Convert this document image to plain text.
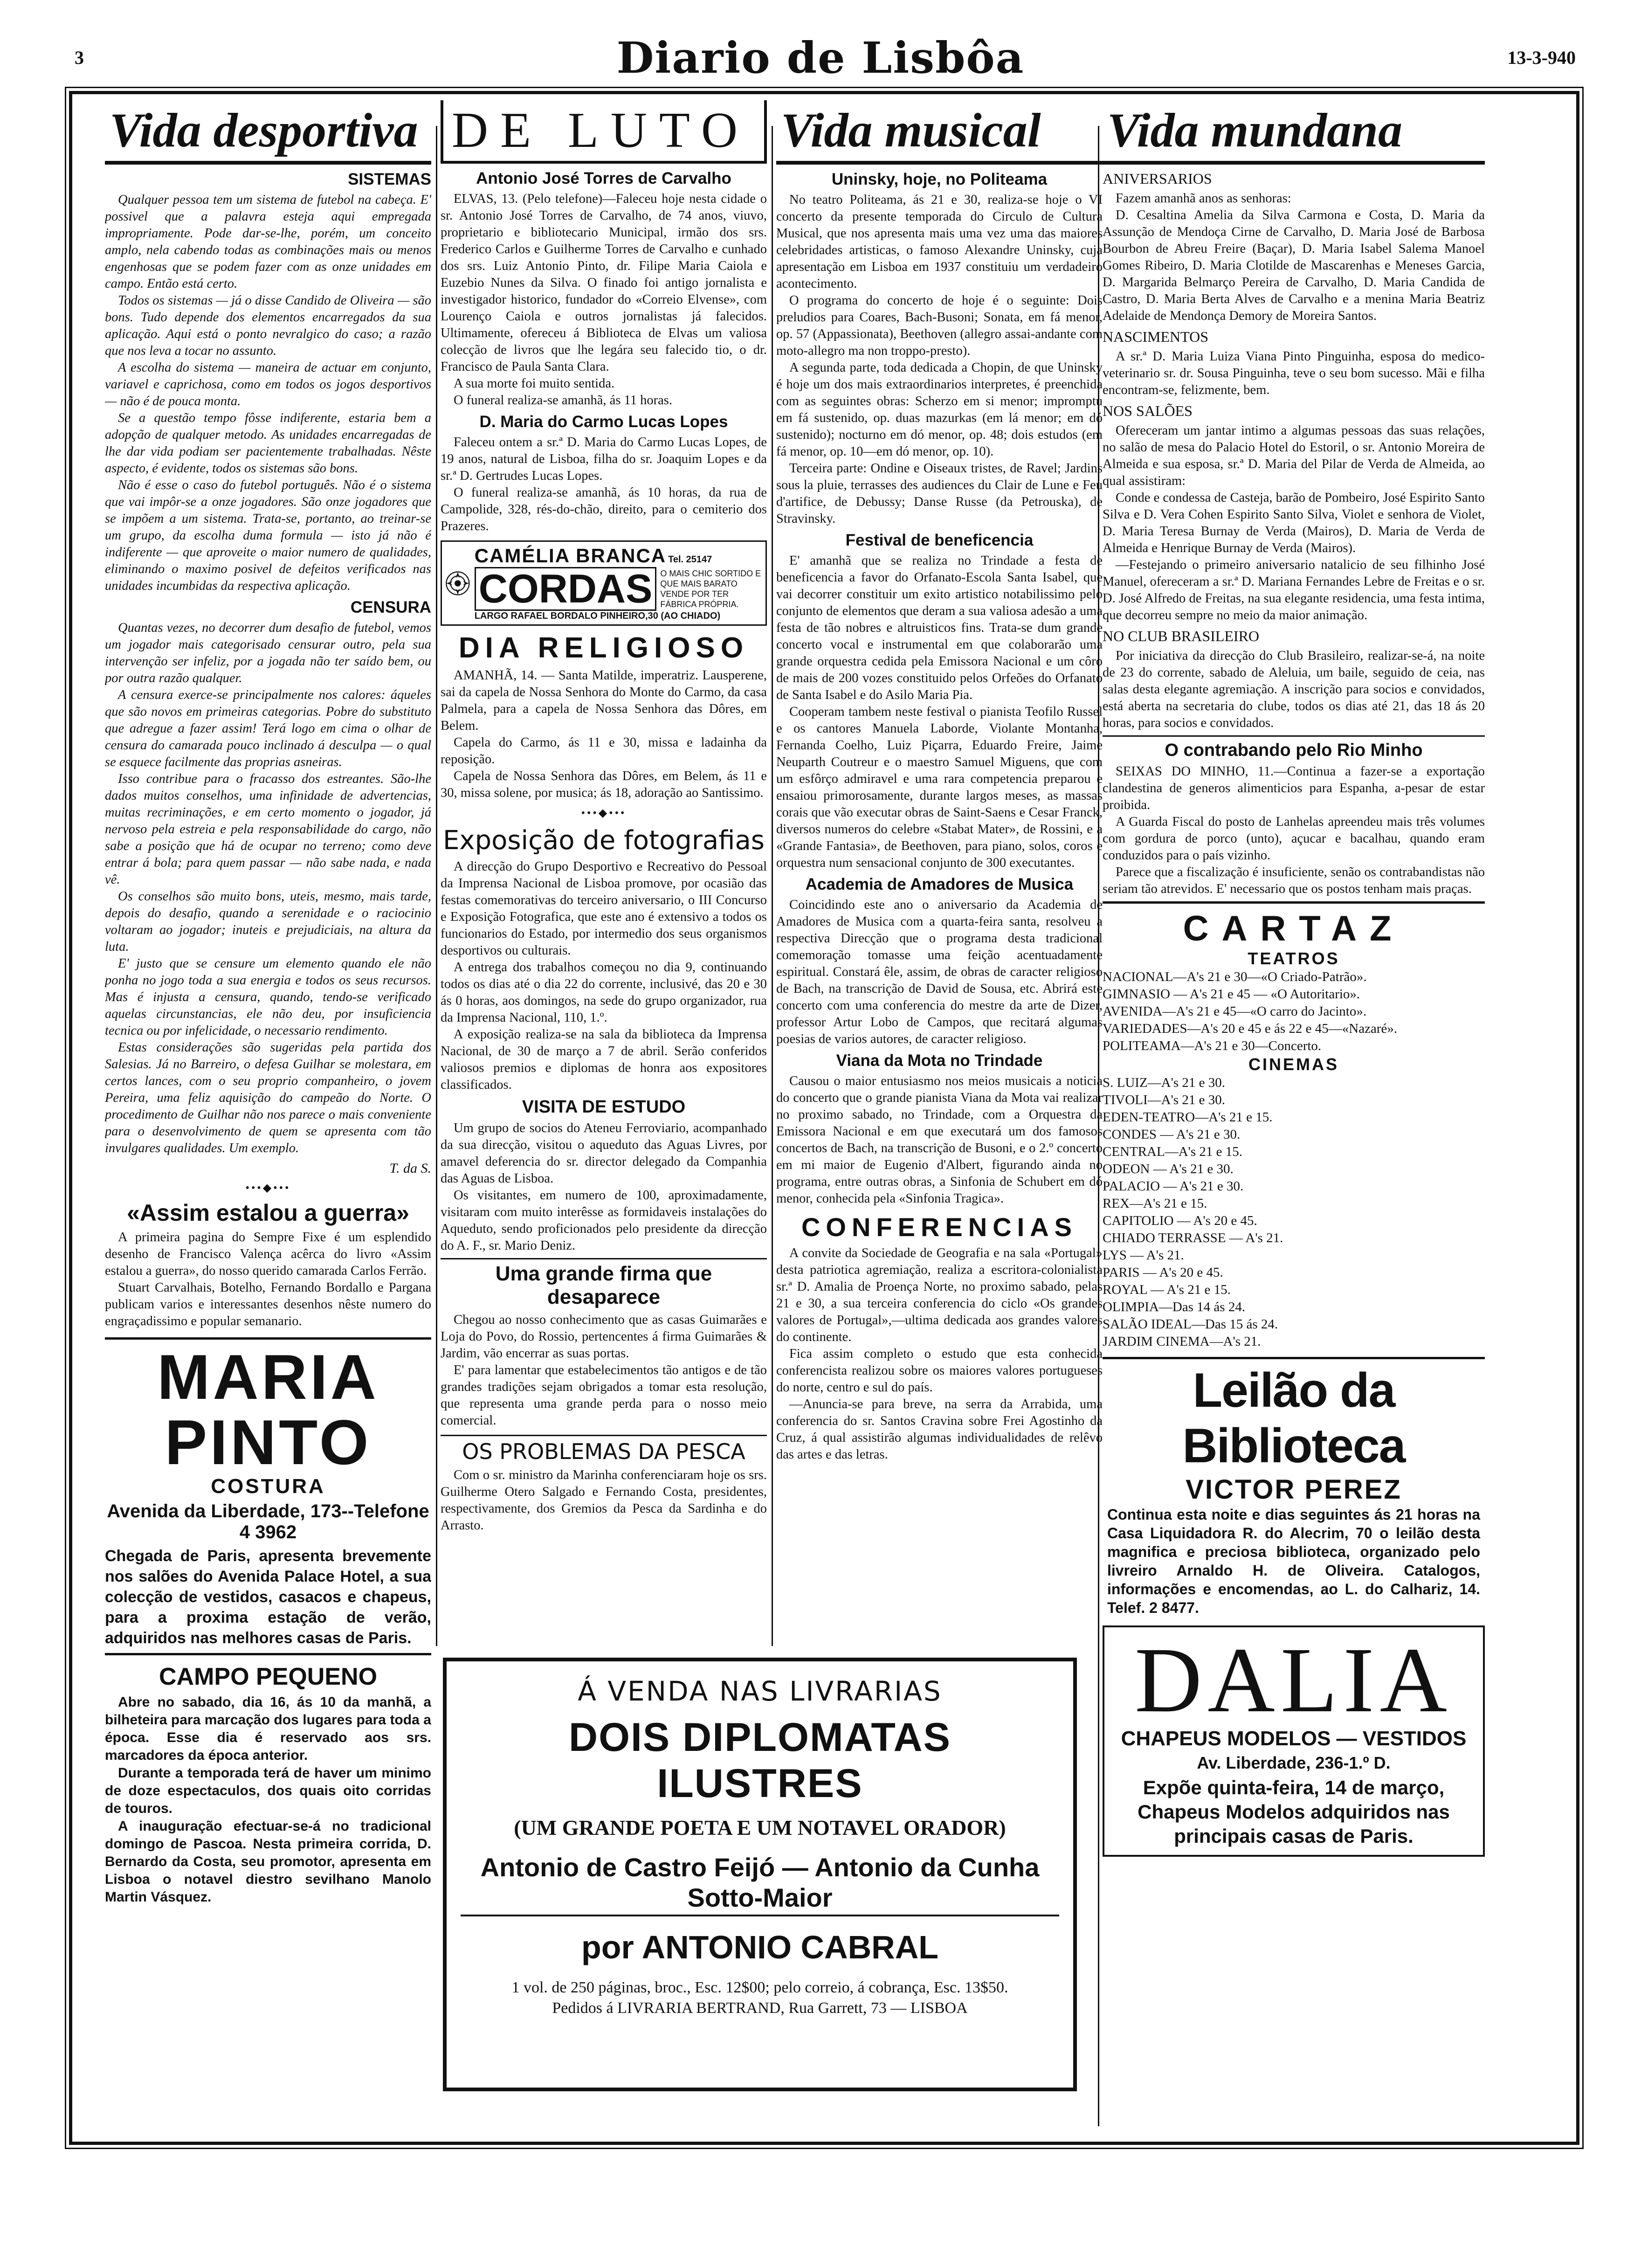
3	Diario de Lisbôa	13-3-940
Vida desportiva
SISTEMAS

Qualquer pessoa tem um sistema de futebol na cabeça. E' possivel que a palavra esteja aqui empregada impropriamente. Pode dar-se-lhe, porém, um conceito amplo, nela cabendo todas as combinações mais ou menos engenhosas que se podem fazer com as onze unidades em campo. Então está certo.

Todos os sistemas — já o disse Candido de Oliveira — são bons. Tudo depende dos elementos encarregados da sua aplicação. Aqui está o ponto nevralgico do caso; a razão que nos leva a tocar no assunto.

A escolha do sistema — maneira de actuar em conjunto, variavel e caprichosa, como em todos os jogos desportivos — não é de pouca monta.

Se a questão tempo fôsse indiferente, estaria bem a adopção de qualquer metodo. As unidades encarregadas de lhe dar vida podiam ser pacientemente trabalhadas. Nêste aspecto, é evidente, todos os sistemas são bons.

Não é esse o caso do futebol português. Não é o sistema que vai impôr-se a onze jogadores. São onze jogadores que se impõem a um sistema. Trata-se, portanto, ao treinar-se um grupo, da escolha duma formula — isto já não é indiferente — que aproveite o maior numero de qualidades, eliminando o maximo posivel de defeitos verificados nas unidades incumbidas da respectiva aplicação.

CENSURA

Quantas vezes, no decorrer dum desafio de futebol, vemos um jogador mais categorisado censurar outro, pela sua intervenção ser infeliz, por a jogada não ter saído bem, ou por outra razão qualquer.

A censura exerce-se principalmente nos calores: áqueles que são novos em primeiras categorias. Pobre do substituto que adregue a fazer assim! Terá logo em cima o olhar de censura do camarada pouco inclinado á desculpa — o qual se esquece facilmente das proprias asneiras.

Isso contribue para o fracasso dos estreantes. São-lhe dados muitos conselhos, uma infinidade de advertencias, muitas recriminações, e em certo momento o jogador, já nervoso pela estreia e pela responsabilidade do cargo, não sabe a posição que há de ocupar no terreno; como deve entrar á bola; para quem passar — não sabe nada, e nada vê.

Os conselhos são muito bons, uteis, mesmo, mais tarde, depois do desafio, quando a serenidade e o raciocinio voltaram ao jogador; inuteis e prejudiciais, na altura da luta.

E' justo que se censure um elemento quando ele não ponha no jogo toda a sua energia e todos os seus recursos. Mas é injusta a censura, quando, tendo-se verificado aquelas circunstancias, ele não deu, por insuficiencia tecnica ou por infelicidade, o necessario rendimento.

Estas considerações são sugeridas pela partida dos Salesias. Já no Barreiro, o defesa Guilhar se molestara, em certos lances, com o seu proprio companheiro, o jovem Pereira, uma feliz aquisição do campeão do Norte. O procedimento de Guilhar não nos parece o mais conveniente para o desenvolvimento de quem se apresenta com tão invulgares qualidades. Um exemplo.

T. da S.
•••◆•••
«Assim estalou a guerra»

A primeira pagina do Sempre Fixe é um esplendido desenho de Francisco Valença acêrca do livro «Assim estalou a guerra», do nosso querido camarada Carlos Ferrão.

Stuart Carvalhais, Botelho, Fernando Bordallo e Pargana publicam varios e interessantes desenhos nêste numero do engraçadissimo e popular semanario.

MARIA PINTO
COSTURA
Avenida da Liberdade, 173--Telefone 4 3962
Chegada de Paris, apresenta brevemente nos salões do Avenida Palace Hotel, a sua colecção de vestidos, casacos e chapeus, para a proxima estação de verão, adquiridos nas melhores casas de Paris.
CAMPO PEQUENO

Abre no sabado, dia 16, ás 10 da manhã, a bilheteira para marcação dos lugares para toda a época. Esse dia é reservado aos srs. marcadores da época anterior.

Durante a temporada terá de haver um minimo de doze espectaculos, dos quais oito corridas de touros.

A inauguração efectuar-se-á no tradicional domingo de Pascoa. Nesta primeira corrida, D. Bernardo da Costa, seu promotor, apresenta em Lisboa o notavel diestro sevilhano Manolo Martin Vásquez.

DE LUTO
Antonio José Torres de Carvalho

ELVAS, 13. (Pelo telefone)—Faleceu hoje nesta cidade o sr. Antonio José Torres de Carvalho, de 74 anos, viuvo, proprietario e bibliotecario Municipal, irmão dos srs. Frederico Carlos e Guilherme Torres de Carvalho e cunhado dos srs. Luiz Antonio Pinto, dr. Filipe Maria Caiola e Euzebio Nunes da Silva. O finado foi antigo jornalista e investigador historico, fundador do «Correio Elvense», com Lourenço Caiola e outros jornalistas já falecidos. Ultimamente, ofereceu á Biblioteca de Elvas um valiosa colecção de livros que lhe legára seu falecido tio, o dr. Francisco de Paula Santa Clara.

A sua morte foi muito sentida.

O funeral realiza-se amanhã, ás 11 horas.

D. Maria do Carmo Lucas Lopes

Faleceu ontem a sr.ª D. Maria do Carmo Lucas Lopes, de 19 anos, natural de Lisboa, filha do sr. Joaquim Lopes e da sr.ª D. Gertrudes Lucas Lopes.

O funeral realiza-se amanhã, ás 10 horas, da rua de Campolide, 328, rés-do-chão, direito, para o cemiterio dos Prazeres.

CAMÉLIA BRANCA Tel. 25147
CORDAS O MAIS CHIC SORTIDO E QUE MAIS BARATO VENDE POR TER FÁBRICA PRÓPRIA.
LARGO RAFAEL BORDALO PINHEIRO,30 (AO CHIADO)
DIA RELIGIOSO

AMANHÃ, 14. — Santa Matilde, imperatriz. Lausperene, sai da capela de Nossa Senhora do Monte do Carmo, da casa Palmela, para a capela de Nossa Senhora das Dôres, em Belem.

Capela do Carmo, ás 11 e 30, missa e ladainha da reposição.

Capela de Nossa Senhora das Dôres, em Belem, ás 11 e 30, missa solene, por musica; ás 18, adoração ao Santissimo.

•••◆•••
Exposição de fotografias

A direcção do Grupo Desportivo e Recreativo do Pessoal da Imprensa Nacional de Lisboa promove, por ocasião das festas comemorativas do terceiro aniversario, o III Concurso e Exposição Fotografica, que este ano é extensivo a todos os funcionarios do Estado, por intermedio dos seus organismos desportivos ou culturais.

A entrega dos trabalhos começou no dia 9, continuando todos os dias até o dia 22 do corrente, inclusivé, das 20 e 30 ás 0 horas, aos domingos, na sede do grupo organizador, rua da Imprensa Nacional, 110, 1.º.

A exposição realiza-se na sala da biblioteca da Imprensa Nacional, de 30 de março a 7 de abril. Serão conferidos valiosos premios e diplomas de honra aos expositores classificados.

VISITA DE ESTUDO

Um grupo de socios do Ateneu Ferroviario, acompanhado da sua direcção, visitou o aqueduto das Aguas Livres, por amavel deferencia do sr. director delegado da Companhia das Aguas de Lisboa.

Os visitantes, em numero de 100, aproximadamente, visitaram com muito interêsse as formidaveis instalações do Aqueduto, sendo proficionados pelo presidente da direcção do A. F., sr. Mario Deniz.

Uma grande firma que desaparece

Chegou ao nosso conhecimento que as casas Guimarães e Loja do Povo, do Rossio, pertencentes á firma Guimarães & Jardim, vão encerrar as suas portas.

E' para lamentar que estabelecimentos tão antigos e de tão grandes tradições sejam obrigados a tomar esta resolução, que representa uma grande perda para o nosso meio comercial.

OS PROBLEMAS DA PESCA

Com o sr. ministro da Marinha conferenciaram hoje os srs. Guilherme Otero Salgado e Fernando Costa, presidentes, respectivamente, dos Gremios da Pesca da Sardinha e do Arrasto.

Vida musical
Uninsky, hoje, no Politeama

No teatro Politeama, ás 21 e 30, realiza-se hoje o VI concerto da presente temporada do Circulo de Cultura Musical, que nos apresenta mais uma vez uma das maiores celebridades artisticas, o famoso Alexandre Uninsky, cuja apresentação em Lisboa em 1937 constituiu um verdadeiro acontecimento.

O programa do concerto de hoje é o seguinte: Dois preludios para Coares, Bach-Busoni; Sonata, em fá menor, op. 57 (Appassionata), Beethoven (allegro assai-andante com moto-allegro ma non troppo-presto).

A segunda parte, toda dedicada a Chopin, de que Uninsky é hoje um dos mais extraordinarios interpretes, é preenchida com as seguintes obras: Scherzo em si menor; impromptu em fá sustenido, op. duas mazurkas (em lá menor; em dó sustenido); nocturno em dó menor, op. 48; dois estudos (em fá menor, op. 10—em dó menor, op. 10).

Terceira parte: Ondine e Oiseaux tristes, de Ravel; Jardins sous la pluie, terrasses des audiences du Clair de Lune e Feu d'artifice, de Debussy; Danse Russe (da Petrouska), de Stravinsky.

Festival de beneficencia

E' amanhã que se realiza no Trindade a festa de beneficencia a favor do Orfanato-Escola Santa Isabel, que vai decorrer constituir um exito artistico notabilissimo pelo conjunto de elementos que deram a sua valiosa adesão a uma festa de tão nobres e altruisticos fins. Trata-se dum grande concerto vocal e instrumental em que colaborarão uma grande orquestra cedida pela Emissora Nacional e um côro de mais de 200 vozes constituido pelos Orfeões do Orfanato de Santa Isabel e do Asilo Maria Pia.

Cooperam tambem neste festival o pianista Teofilo Russel e os cantores Manuela Laborde, Violante Montanha, Fernanda Coelho, Luiz Piçarra, Eduardo Freire, Jaime Neuparth Coutreur e o maestro Samuel Miguens, que com um esfôrço admiravel e uma rara competencia preparou e ensaiou primorosamente, durante largos meses, as massas corais que vão executar obras de Saint-Saens e Cesar Franck, diversos numeros do celebre «Stabat Mater», de Rossini, e a «Grande Fantasia», de Beethoven, para piano, solos, coros e orquestra num sensacional conjunto de 300 executantes.

Academia de Amadores de Musica

Coincidindo este ano o aniversario da Academia de Amadores de Musica com a quarta-feira santa, resolveu a respectiva Direcção que o programa desta tradicional comemoração tomasse uma feição acentuadamente espiritual. Constará êle, assim, de obras de caracter religioso de Bach, na transcrição de David de Sousa, etc. Abrirá este concerto com uma conferencia do mestre da arte de Dizer, professor Artur Lobo de Campos, que recitará algumas poesias de varios autores, de caracter religioso.

Viana da Mota no Trindade

Causou o maior entusiasmo nos meios musicais a noticia do concerto que o grande pianista Viana da Mota vai realizar no proximo sabado, no Trindade, com a Orquestra da Emissora Nacional e em que executará um dos famosos concertos de Bach, na transcrição de Busoni, e o 2.º concerto em mi maior de Eugenio d'Albert, figurando ainda no programa, entre outras obras, a Sinfonia de Schubert em dó menor, conhecida pela «Sinfonia Tragica».

CONFERENCIAS

A convite da Sociedade de Geografia e na sala «Portugal» desta patriotica agremiação, realiza a escritora-colonialista sr.ª D. Amalia de Proença Norte, no proximo sabado, pelas 21 e 30, a sua terceira conferencia do ciclo «Os grandes valores de Portugal»,—ultima dedicada aos grandes valores do continente.

Fica assim completo o estudo que esta conhecida conferencista realizou sobre os maiores valores portugueses do norte, centro e sul do país.

—Anuncia-se para breve, na serra da Arrabida, uma conferencia do sr. Santos Cravina sobre Frei Agostinho da Cruz, á qual assistirão algumas individualidades de relêvo das artes e das letras.

Vida mundana
ANIVERSARIOS

Fazem amanhã anos as senhoras:

D. Cesaltina Amelia da Silva Carmona e Costa, D. Maria da Assunção de Mendoça Cirne de Carvalho, D. Maria José de Barbosa Bourbon de Abreu Freire (Baçar), D. Maria Isabel Salema Manoel Gomes Ribeiro, D. Maria Clotilde de Mascarenhas e Meneses Garcia, D. Margarida Belmarço Pereira de Carvalho, D. Maria Candida de Castro, D. Maria Berta Alves de Carvalho e a menina Maria Beatriz Adelaide de Mendonça Demory de Moreira Santos.

NASCIMENTOS

A sr.ª D. Maria Luiza Viana Pinto Pinguinha, esposa do medico-veterinario sr. dr. Sousa Pinguinha, teve o seu bom sucesso. Mãi e filha encontram-se, felizmente, bem.

NOS SALÕES

Ofereceram um jantar intimo a algumas pessoas das suas relações, no salão de mesa do Palacio Hotel do Estoril, o sr. Antonio Moreira de Almeida e sua esposa, sr.ª D. Maria del Pilar de Verda de Almeida, ao qual assistiram:

Conde e condessa de Casteja, barão de Pombeiro, José Espirito Santo Silva e D. Vera Cohen Espirito Santo Silva, Violet e senhora de Violet, D. Maria Teresa Burnay de Verda (Mairos), D. Maria de Verda de Almeida e Henrique Burnay de Verda (Mairos).

—Festejando o primeiro aniversario natalicio de seu filhinho José Manuel, ofereceram a sr.ª D. Mariana Fernandes Lebre de Freitas e o sr. D. José Alfredo de Freitas, na sua elegante residencia, uma festa intima, que decorreu sempre no meio da maior animação.

NO CLUB BRASILEIRO

Por iniciativa da direcção do Club Brasileiro, realizar-se-á, na noite de 23 do corrente, sabado de Aleluia, um baile, seguido de ceia, nas salas desta elegante agremiação. A inscrição para socios e convidados, está aberta na secretaria do clube, todos os dias até 21, das 18 ás 20 horas, para socios e convidados.

O contrabando pelo Rio Minho

SEIXAS DO MINHO, 11.—Continua a fazer-se a exportação clandestina de generos alimenticios para Espanha, a-pesar de estar proibida.

A Guarda Fiscal do posto de Lanhelas apreendeu mais três volumes com gordura de porco (unto), açucar e bacalhau, quando eram conduzidos para o país vizinho.

Parece que a fiscalização é insuficiente, senão os contrabandistas não seriam tão atrevidos. E' necessario que os postos tenham mais praças.

CARTAZ
TEATROS
NACIONAL—A's 21 e 30—«O Criado-Patrão».
GIMNASIO — A's 21 e 45 — «O Autoritario».
AVENIDA—A's 21 e 45—«O carro do Jacinto».
VARIEDADES—A's 20 e 45 e ás 22 e 45—«Nazaré».
POLITEAMA—A's 21 e 30—Concerto.
CINEMAS
S. LUIZ—A's 21 e 30.
TIVOLI—A's 21 e 30.
EDEN-TEATRO—A's 21 e 15.
CONDES — A's 21 e 30.
CENTRAL—A's 21 e 15.
ODEON — A's 21 e 30.
PALACIO — A's 21 e 30.
REX—A's 21 e 15.
CAPITOLIO — A's 20 e 45.
CHIADO TERRASSE — A's 21.
LYS — A's 21.
PARIS — A's 20 e 45.
ROYAL — A's 21 e 15.
OLIMPIA—Das 14 ás 24.
SALÃO IDEAL—Das 15 ás 24.
JARDIM CINEMA—A's 21.
Leilão da Biblioteca
VICTOR PEREZ
Continua esta noite e dias seguintes ás 21 horas na Casa Liquidadora R. do Alecrim, 70 o leilão desta magnifica e preciosa biblioteca, organizado pelo livreiro Arnaldo H. de Oliveira. Catalogos, informações e encomendas, ao L. do Calhariz, 14. Telef. 2 8477.
DALIA
CHAPEUS MODELOS — VESTIDOS
Av. Liberdade, 236-1.º D.
Expõe quinta-feira, 14 de março, Chapeus Modelos adquiridos nas principais casas de Paris.
Á VENDA NAS LIVRARIAS
DOIS DIPLOMATAS ILUSTRES
(UM GRANDE POETA E UM NOTAVEL ORADOR)
Antonio de Castro Feijó — Antonio da Cunha Sotto-Maior
por ANTONIO CABRAL
1 vol. de 250 páginas, broc., Esc. 12$00; pelo correio, á cobrança, Esc. 13$50.
Pedidos á LIVRARIA BERTRAND, Rua Garrett, 73 — LISBOA
